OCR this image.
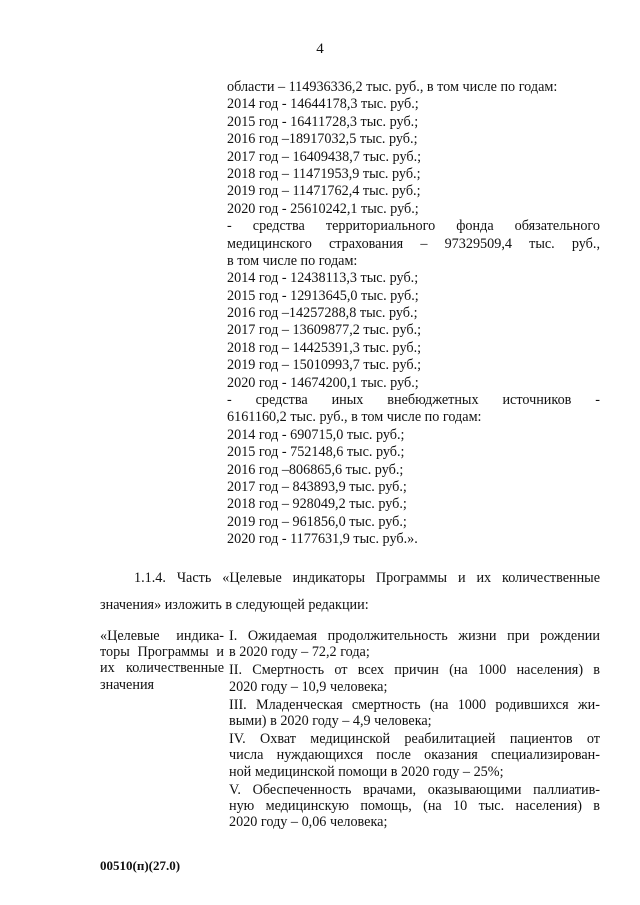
4
области – 114936336,2 тыс. руб., в том числе по годам:
2014 год - 14644178,3 тыс. руб.;
2015 год - 16411728,3 тыс. руб.;
2016 год –18917032,5 тыс. руб.;
2017 год – 16409438,7 тыс. руб.;
2018 год – 11471953,9 тыс. руб.;
2019 год – 11471762,4 тыс. руб.;
2020 год - 25610242,1 тыс. руб.;
- средства территориального фонда обязательного
медицинского страхования – 97329509,4 тыс. руб.,
в том числе по годам:
2014 год - 12438113,3 тыс. руб.;
2015 год - 12913645,0 тыс. руб.;
2016 год –14257288,8 тыс. руб.;
2017 год – 13609877,2 тыс. руб.;
2018 год – 14425391,3 тыс. руб.;
2019 год – 15010993,7 тыс. руб.;
2020 год - 14674200,1 тыс. руб.;
- средства иных внебюджетных источников -
6161160,2 тыс. руб., в том числе по годам:
2014 год - 690715,0 тыс. руб.;
2015 год - 752148,6 тыс. руб.;
2016 год –806865,6 тыс. руб.;
2017 год – 843893,9 тыс. руб.;
2018 год – 928049,2 тыс. руб.;
2019 год – 961856,0 тыс. руб.;
2020 год - 1177631,9 тыс. руб.».
1.1.4. Часть «Целевые индикаторы Программы и их количественные
значения» изложить в следующей редакции:
«Целевые индика-
торы Программы и
их количественные
значения
I. Ожидаемая продолжительность жизни при рождении
в 2020 году – 72,2 года;
II. Смертность от всех причин (на 1000 населения) в
2020 году – 10,9 человека;
III. Младенческая смертность (на 1000 родившихся жи-
выми) в 2020 году – 4,9 человека;
IV. Охват медицинской реабилитацией пациентов от
числа нуждающихся после оказания специализирован-
ной медицинской помощи в 2020 году – 25%;
V. Обеспеченность врачами, оказывающими паллиатив-
ную медицинскую помощь, (на 10 тыс. населения) в
2020 году – 0,06 человека;
00510(п)(27.0)
